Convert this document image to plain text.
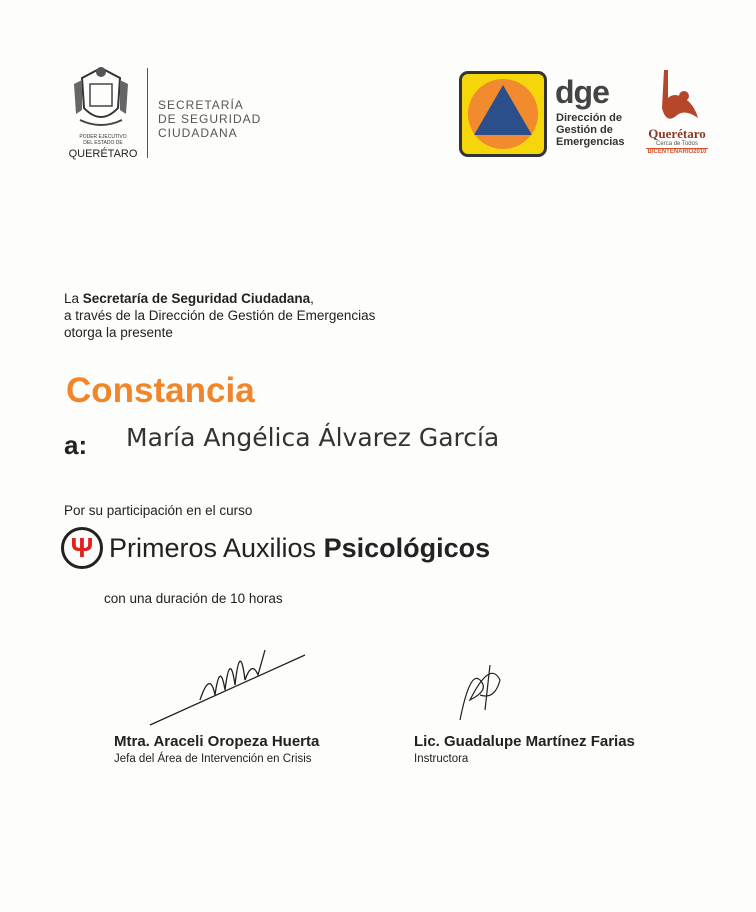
PODER EJECUTIVO
DEL ESTADO DE
QUERÉTARO
SECRETARÍA
DE SEGURIDAD
CIUDADANA
dge
Dirección de
Gestión de
Emergencias
Querétaro
Cerca de Todos
BICENTENARIO2010
La Secretaría de Seguridad Ciudadana,
a través de la Dirección de Gestión de Emergencias
otorga la presente
Constancia
a: María Angélica Álvarez García
Por su participación en el curso
Ψ Primeros Auxilios Psicológicos
con una duración de 10 horas
Mtra. Araceli Oropeza Huerta
Jefa del Área de Intervención en Crisis
Lic. Guadalupe Martínez Farias
Instructora
